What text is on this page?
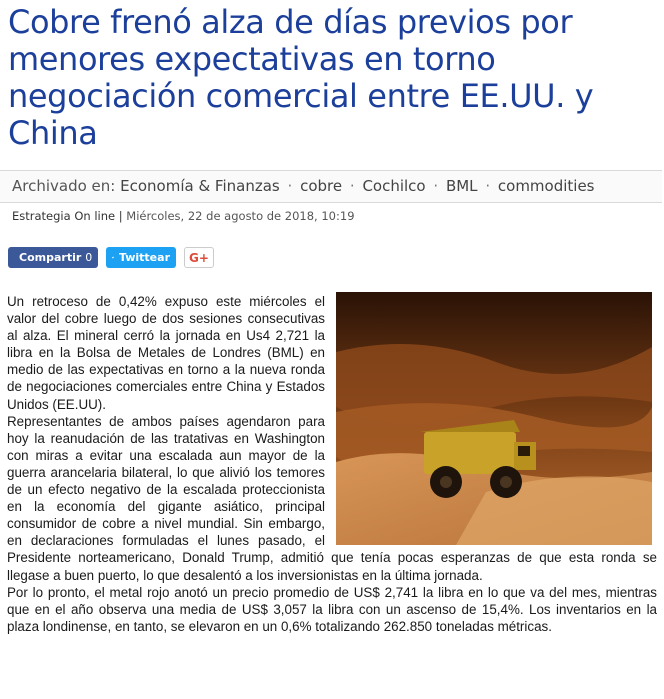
Cobre frenó alza de días previos por menores expectativas en torno negociación comercial entre EE.UU. y China
Archivado en: Economía & Finanzas · cobre · Cochilco · BML · commodities
Estrategia On line | Miércoles, 22 de agosto de 2018, 10:19
Compartir 0 Twittear G+

Un retroceso de 0,42% expuso este miércoles el valor del cobre luego de dos sesiones consecutivas al alza. El mineral cerró la jornada en Us4 2,721 la libra en la Bolsa de Metales de Londres (BML) en medio de las expectativas en torno a la nueva ronda de negociaciones comerciales entre China y Estados Unidos (EE.UU).

Representantes de ambos países agendaron para hoy la reanudación de las tratativas en Washington con miras a evitar una escalada aun mayor de la guerra arancelaria bilateral, lo que alivió los temores de un efecto negativo de la escalada proteccionista en la economía del gigante asiático, principal consumidor de cobre a nivel mundial. Sin embargo, en declaraciones formuladas el lunes pasado, el Presidente norteamericano, Donald Trump, admitió que tenía pocas esperanzas de que esta ronda se llegase a buen puerto, lo que desalentó a los inversionistas en la última jornada.

Por lo pronto, el metal rojo anotó un precio promedio de US$ 2,741 la libra en lo que va del mes, mientras que en el año observa una media de US$ 3,057 la libra con un ascenso de 15,4%. Los inventarios en la plaza londinense, en tanto, se elevaron en un 0,6% totalizando 262.850 toneladas métricas.
